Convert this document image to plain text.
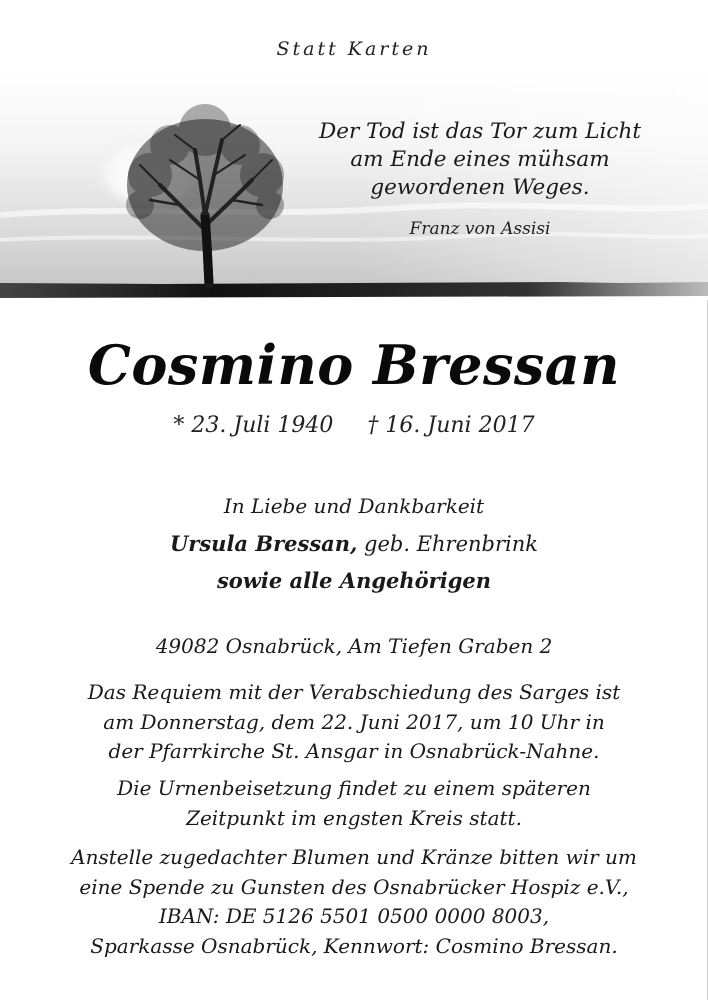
Statt Karten
Der Tod ist das Tor zum Licht
am Ende eines mühsam
gewordenen Weges.
Franz von Assisi
Cosmino Bressan
* 23. Juli 1940 † 16. Juni 2017
In Liebe und Dankbarkeit
Ursula Bressan, geb. Ehrenbrink
sowie alle Angehörigen
49082 Osnabrück, Am Tiefen Graben 2
Das Requiem mit der Verabschiedung des Sarges ist
am Donnerstag, dem 22. Juni 2017, um 10 Uhr in
der Pfarrkirche St. Ansgar in Osnabrück-Nahne.
Die Urnenbeisetzung findet zu einem späteren
Zeitpunkt im engsten Kreis statt.
Anstelle zugedachter Blumen und Kränze bitten wir um
eine Spende zu Gunsten des Osnabrücker Hospiz e.V.,
IBAN: DE 5126 5501 0500 0000 8003,
Sparkasse Osnabrück, Kennwort: Cosmino Bressan.
